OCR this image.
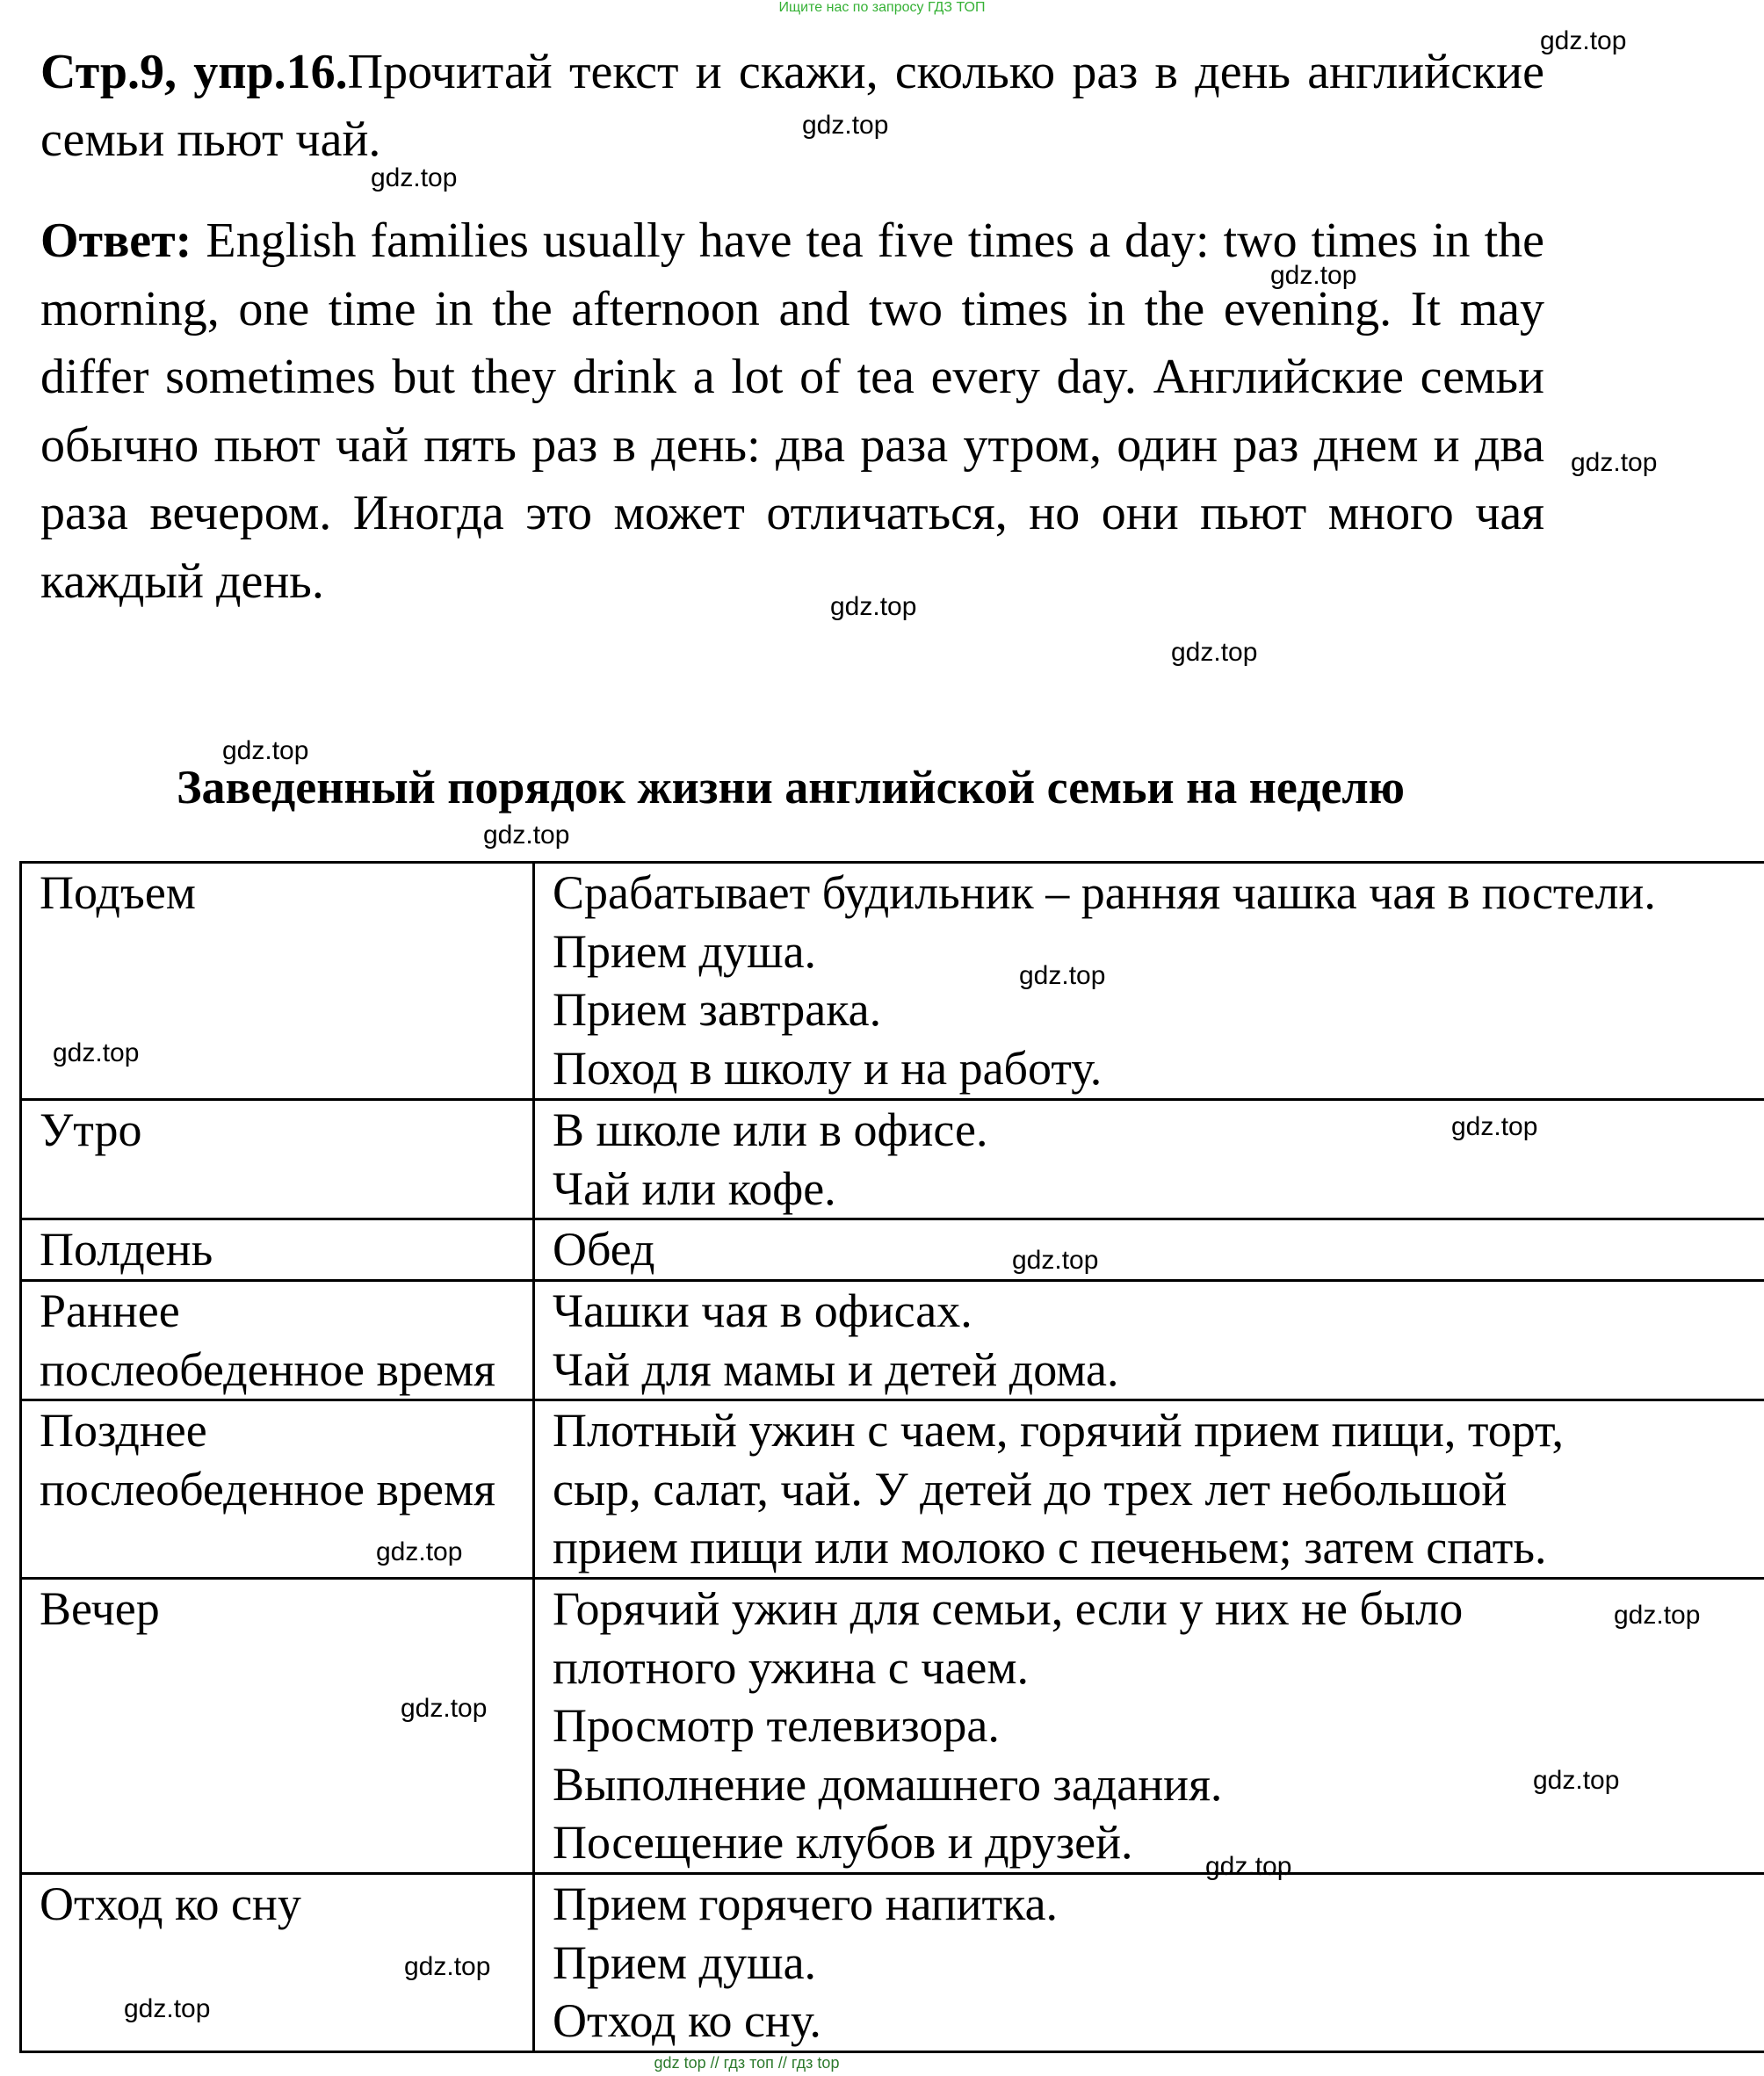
Ищите нас по запросу ГДЗ ТОП
Стр.9, упр.16.Прочитай текст и скажи, сколько раз в день английские семьи пьют чай.
Ответ: English families usually have tea five times a day: two times in the morning, one time in the afternoon and two times in the evening. It may differ sometimes but they drink a lot of tea every day. Английские семьи обычно пьют чай пять раз в день: два раза утром, один раз днем и два раза вечером. Иногда это может отличаться, но они пьют много чая каждый день.
Заведенный порядок жизни английской семьи на неделю
Подъем	Срабатывает будильник – ранняя чашка чая в постели.
Прием душа.
Прием завтрака.
Поход в школу и на работу.

Утро	В школе или в офисе.
Чай или кофе.

Полдень	Обед

Раннее
послеобеденное время	Чашки чая в офисах.
Чай для мамы и детей дома.

Позднее
послеобеденное время	Плотный ужин с чаем, горячий прием пищи, торт,
сыр, салат, чай. У детей до трех лет небольшой
прием пищи или молоко с печеньем; затем спать.

Вечер	Горячий ужин для семьи, если у них не было
плотного ужина с чаем.
Просмотр телевизора.
Выполнение домашнего задания.
Посещение клубов и друзей.

Отход ко сну	Прием горячего напитка.
Прием душа.
Отход ко сну.
gdz.top
gdz.top
gdz.top
gdz.top
gdz.top
gdz.top
gdz.top
gdz.top
gdz.top
gdz.top
gdz.top
gdz.top
gdz.top
gdz.top
gdz.top
gdz.top
gdz.top
gdz.top
gdz.top
gdz.top
gdz top // гдз топ // гдз top
